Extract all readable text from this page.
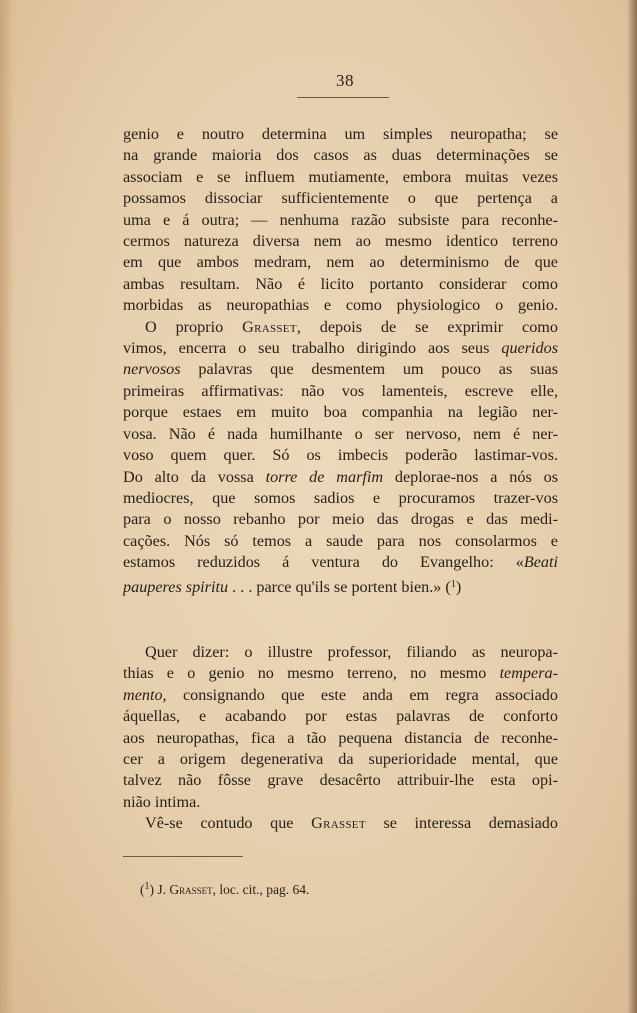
38
genio e noutro determina um simples neuropatha; se
na grande maioria dos casos as duas determinações se
associam e se influem mutiamente, embora muitas vezes
possamos dissociar sufficientemente o que pertença a
uma e á outra; — nenhuma razão subsiste para reconhe-
cermos natureza diversa nem ao mesmo identico terreno
em que ambos medram, nem ao determinismo de que
ambas resultam. Não é licito portanto considerar como
morbidas as neuropathias e como physiologico o genio.
O proprio Grasset, depois de se exprimir como
vimos, encerra o seu trabalho dirigindo aos seus queridos
nervosos palavras que desmentem um pouco as suas
primeiras affirmativas: não vos lamenteis, escreve elle,
porque estaes em muito boa companhia na legião ner-
vosa. Não é nada humilhante o ser nervoso, nem é ner-
voso quem quer. Só os imbecis poderão lastimar-vos.
Do alto da vossa torre de marfim deplorae-nos a nós os
mediocres, que somos sadios e procuramos trazer-vos
para o nosso rebanho por meio das drogas e das medi-
cações. Nós só temos a saude para nos consolarmos e
estamos reduzidos á ventura do Evangelho: «Beati
pauperes spiritu . . . parce qu'ils se portent bien.» ($^1$)
Quer dizer: o illustre professor, filiando as neuropa-
thias e o genio no mesmo terreno, no mesmo tempera-
mento, consignando que este anda em regra associado
áquellas, e acabando por estas palavras de conforto
aos neuropathas, fica a tão pequena distancia de reconhe-
cer a origem degenerativa da superioridade mental, que
talvez não fôsse grave desacêrto attribuir-lhe esta opi-
nião intima.
Vê-se contudo que Grasset se interessa demasiado
($^1$) J. Grasset, loc. cit., pag. 64.
